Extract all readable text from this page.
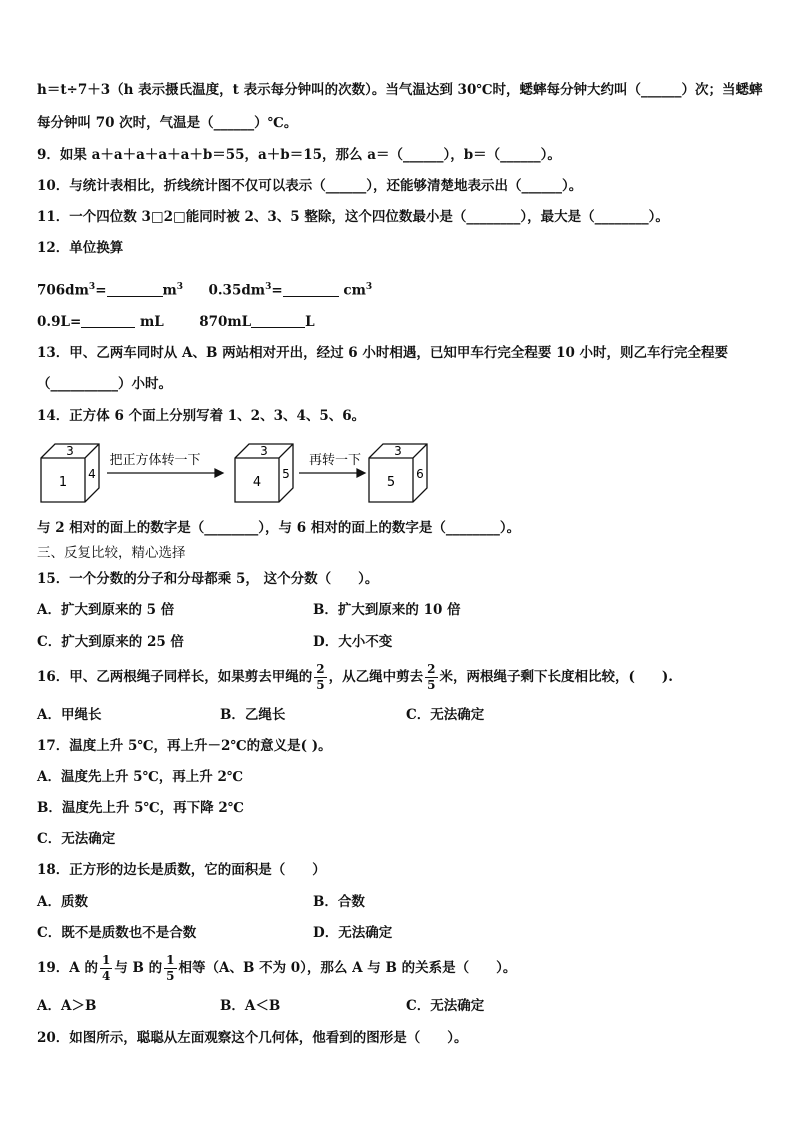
h＝t÷7＋3（h 表示摄氏温度，t 表示每分钟叫的次数）。当气温达到 30℃时，蟋蟀每分钟大约叫（______）次；当蟋蟀
每分钟叫 70 次时，气温是（______）℃。
9．如果 a＋a＋a＋a＋a＋b＝55，a＋b＝15，那么 a＝（______），b＝（______）。
10．与统计表相比，折线统计图不仅可以表示（______），还能够清楚地表示出（______）。
11．一个四位数 3□2□能同时被 2、3、5 整除，这个四位数最小是（________），最大是（________）。
12．单位换算
$706dm^3=$	$m^3$ $0.35dm^3=$	$cm^3$
0.9L=	mL	870mL	L
13．甲、乙两车同时从 A、B 两站相对开出，经过 6 小时相遇，已知甲车行完全程要 10 小时，则乙车行完全程要
（__________）小时。
14．正方体 6 个面上分别写着 1、2、3、4、5、6。
3
1
4
把正方体转一下
3
4
5
再转一下
3
5
6
与 2 相对的面上的数字是（________），与 6 相对的面上的数字是（________）。
三、反复比较，精心选择
15．一个分数的分子和分母都乘 5， 这个分数（　　）。
A．扩大到原来的 5 倍	B．扩大到原来的 10 倍
C．扩大到原来的 25 倍	D．大小不变
16．甲、乙两根绳子同样长，如果剪去甲绳的 $\frac{2}{5}$ ，从乙绳中剪去 $\frac{2}{5}$ 米，两根绳子剩下长度相比较，(　　).
A．甲绳长	B．乙绳长	C．无法确定
17．温度上升 5℃，再上升－2℃的意义是( )。
A．温度先上升 5℃，再上升 2℃
B．温度先上升 5℃，再下降 2℃
C．无法确定
18．正方形的边长是质数，它的面积是（　　）
A．质数	B．合数
C．既不是质数也不是合数	D．无法确定
19．A 的 $\frac{1}{4}$ 与 B 的 $\frac{1}{5}$ 相等（A、B 不为 0），那么 A 与 B 的关系是（　　）。
A．A＞B	B．A＜B	C．无法确定
20．如图所示，聪聪从左面观察这个几何体，他看到的图形是（　　）。
